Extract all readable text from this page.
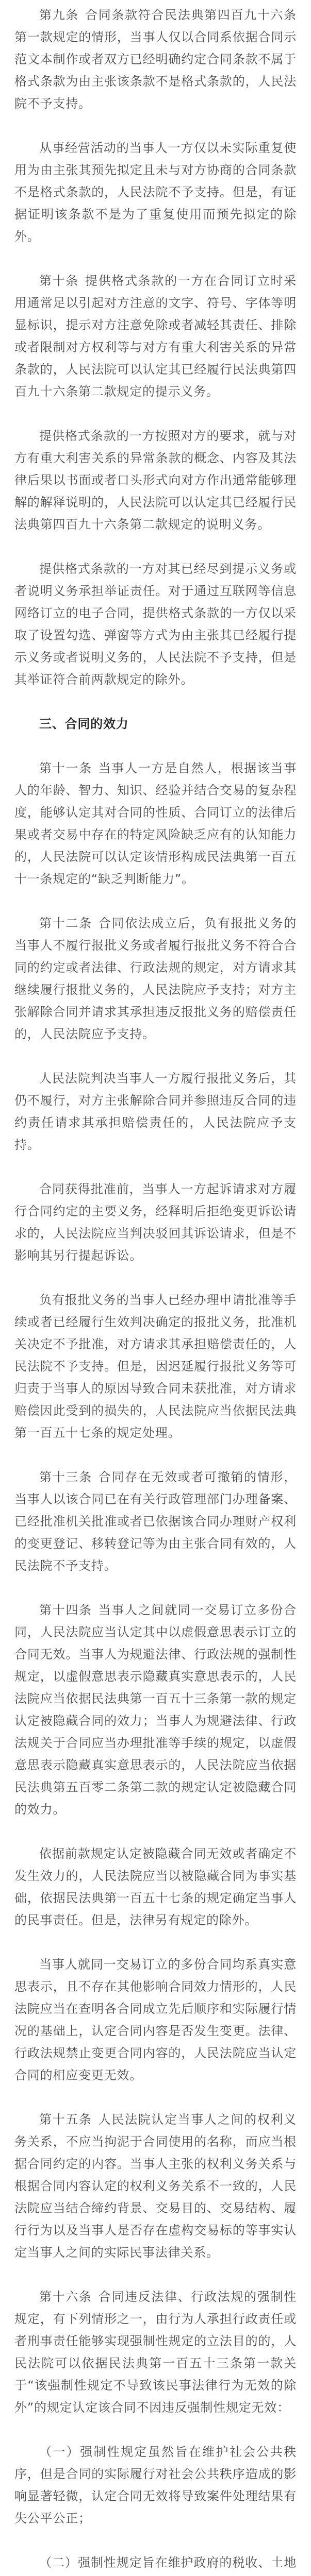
第九条 合同条款符合民法典第四百九十六条第一款规定的情形，当事人仅以合同系依据合同示范文本制作或者双方已经明确约定合同条款不属于格式条款为由主张该条款不是格式条款的，人民法院不予支持。

从事经营活动的当事人一方仅以未实际重复使用为由主张其预先拟定且未与对方协商的合同条款不是格式条款的，人民法院不予支持。但是，有证据证明该条款不是为了重复使用而预先拟定的除外。

第十条 提供格式条款的一方在合同订立时采用通常足以引起对方注意的文字、符号、字体等明显标识，提示对方注意免除或者减轻其责任、排除或者限制对方权利等与对方有重大利害关系的异常条款的，人民法院可以认定其已经履行民法典第四百九十六条第二款规定的提示义务。

提供格式条款的一方按照对方的要求，就与对方有重大利害关系的异常条款的概念、内容及其法律后果以书面或者口头形式向对方作出通常能够理解的解释说明的，人民法院可以认定其已经履行民法典第四百九十六条第二款规定的说明义务。

提供格式条款的一方对其已经尽到提示义务或者说明义务承担举证责任。对于通过互联网等信息网络订立的电子合同，提供格式条款的一方仅以采取了设置勾选、弹窗等方式为由主张其已经履行提示义务或者说明义务的，人民法院不予支持，但是其举证符合前两款规定的除外。

三、合同的效力

第十一条 当事人一方是自然人，根据该当事人的年龄、智力、知识、经验并结合交易的复杂程度，能够认定其对合同的性质、合同订立的法律后果或者交易中存在的特定风险缺乏应有的认知能力的，人民法院可以认定该情形构成民法典第一百五十一条规定的“缺乏判断能力”。

第十二条 合同依法成立后，负有报批义务的当事人不履行报批义务或者履行报批义务不符合合同的约定或者法律、行政法规的规定，对方请求其继续履行报批义务的，人民法院应予支持；对方主张解除合同并请求其承担违反报批义务的赔偿责任的，人民法院应予支持。

人民法院判决当事人一方履行报批义务后，其仍不履行，对方主张解除合同并参照违反合同的违约责任请求其承担赔偿责任的，人民法院应予支持。

合同获得批准前，当事人一方起诉请求对方履行合同约定的主要义务，经释明后拒绝变更诉讼请求的，人民法院应当判决驳回其诉讼请求，但是不影响其另行提起诉讼。

负有报批义务的当事人已经办理申请批准等手续或者已经履行生效判决确定的报批义务，批准机关决定不予批准，对方请求其承担赔偿责任的，人民法院不予支持。但是，因迟延履行报批义务等可归责于当事人的原因导致合同未获批准，对方请求赔偿因此受到的损失的，人民法院应当依据民法典第一百五十七条的规定处理。

第十三条 合同存在无效或者可撤销的情形，当事人以该合同已在有关行政管理部门办理备案、已经批准机关批准或者已依据该合同办理财产权利的变更登记、移转登记等为由主张合同有效的，人民法院不予支持。

第十四条 当事人之间就同一交易订立多份合同，人民法院应当认定其中以虚假意思表示订立的合同无效。当事人为规避法律、行政法规的强制性规定，以虚假意思表示隐藏真实意思表示的，人民法院应当依据民法典第一百五十三条第一款的规定认定被隐藏合同的效力；当事人为规避法律、行政法规关于合同应当办理批准等手续的规定，以虚假意思表示隐藏真实意思表示的，人民法院应当依据民法典第五百零二条第二款的规定认定被隐藏合同的效力。

依据前款规定认定被隐藏合同无效或者确定不发生效力的，人民法院应当以被隐藏合同为事实基础，依据民法典第一百五十七条的规定确定当事人的民事责任。但是，法律另有规定的除外。

当事人就同一交易订立的多份合同均系真实意思表示，且不存在其他影响合同效力情形的，人民法院应当在查明各合同成立先后顺序和实际履行情况的基础上，认定合同内容是否发生变更。法律、行政法规禁止变更合同内容的，人民法院应当认定合同的相应变更无效。

第十五条 人民法院认定当事人之间的权利义务关系，不应当拘泥于合同使用的名称，而应当根据合同约定的内容。当事人主张的权利义务关系与根据合同内容认定的权利义务关系不一致的，人民法院应当结合缔约背景、交易目的、交易结构、履行行为以及当事人是否存在虚构交易标的等事实认定当事人之间的实际民事法律关系。

第十六条 合同违反法律、行政法规的强制性规定，有下列情形之一，由行为人承担行政责任或者刑事责任能够实现强制性规定的立法目的的，人民法院可以依据民法典第一百五十三条第一款关于“该强制性规定不导致该民事法律行为无效的除外”的规定认定该合同不因违反强制性规定无效：

（一）强制性规定虽然旨在维护社会公共秩序，但是合同的实际履行对社会公共秩序造成的影响显著轻微，认定合同无效将导致案件处理结果有失公平公正；

（二）强制性规定旨在维护政府的税收、土地
